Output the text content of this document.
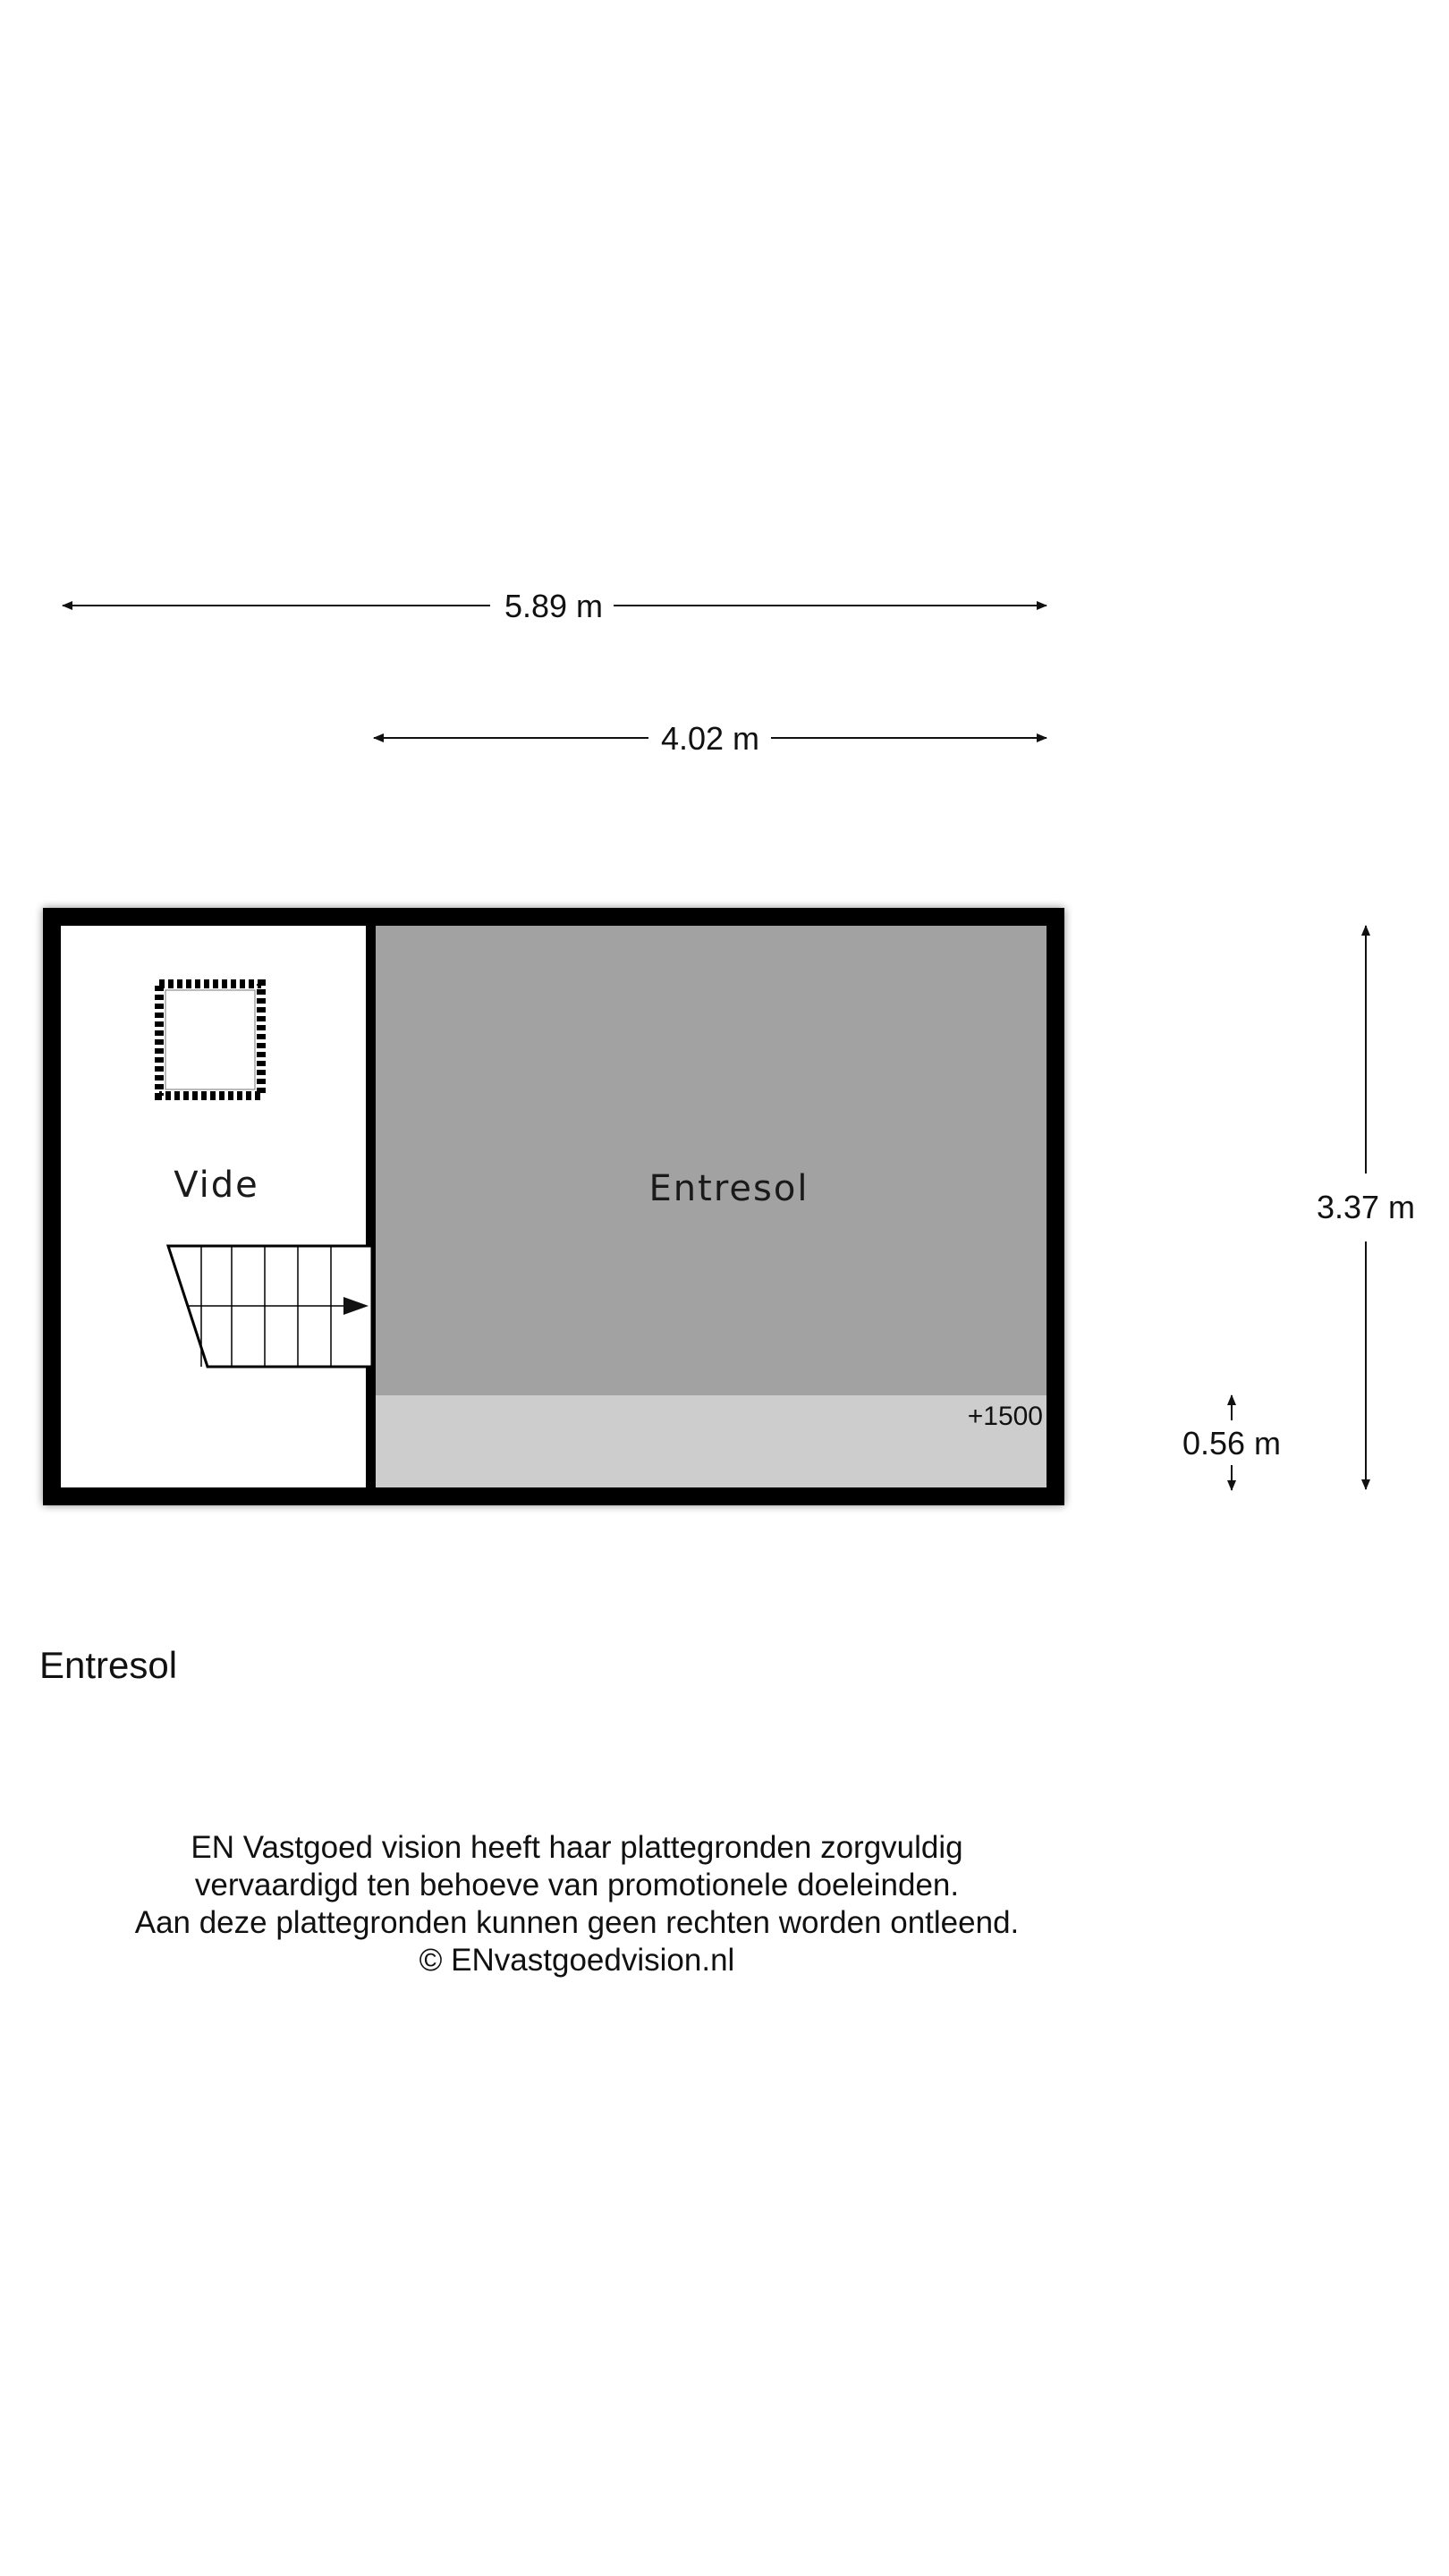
5.89 m
4.02 m
3.37 m
0.56 m
Vide	Entresol
+1500
Entresol
EN Vastgoed vision heeft haar plattegronden zorgvuldig
vervaardigd ten behoeve van promotionele doeleinden.
Aan deze plattegronden kunnen geen rechten worden ontleend.
© ENvastgoedvision.nl
